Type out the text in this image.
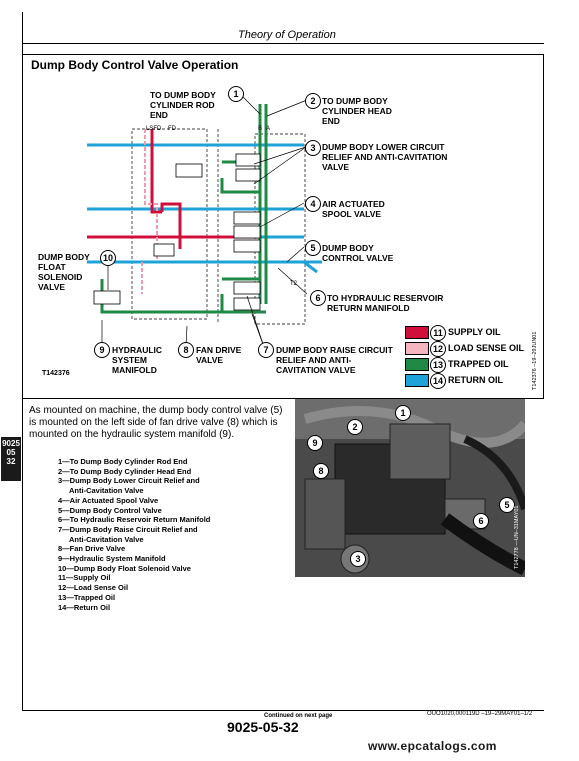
Theory of Operation
9025
05
32
Dump Body Control Valve Operation
LSFD FD	B A
T2
1
TO DUMP BODY CYLINDER ROD END
2 TO DUMP BODY CYLINDER HEAD END
3 DUMP BODY LOWER CIRCUIT RELIEF AND ANTI-CAVITATION VALVE
4 AIR ACTUATED SPOOL VALVE
5 DUMP BODY CONTROL VALVE
6 TO HYDRAULIC RESERVOIR RETURN MANIFOLD
7 DUMP BODY RAISE CIRCUIT RELIEF AND ANTI-CAVITATION VALVE
8 FAN DRIVE VALVE
9 HYDRAULIC SYSTEM MANIFOLD
10
DUMP BODY FLOAT SOLENOID VALVE
T142376	T142376 –19–29JUN01
11 SUPPLY OIL
12 LOAD SENSE OIL
13 TRAPPED OIL
14 RETURN OIL
As mounted on machine, the dump body control valve (5) is mounted on the left side of fan drive valve (8) which is mounted on the hydraulic system manifold (9).
1—To Dump Body Cylinder Rod End
2—To Dump Body Cylinder Head End
3—Dump Body Lower Circuit Relief and
Anti-Cavitation Valve
4—Air Actuated Spool Valve
5—Dump Body Control Valve
6—To Hydraulic Reservoir Return Manifold
7—Dump Body Raise Circuit Relief and
Anti-Cavitation Valve
8—Fan Drive Valve
9—Hydraulic System Manifold
10—Dump Body Float Solenoid Valve
11—Supply Oil
12—Load Sense Oil
13—Trapped Oil
14—Return Oil
1
2
9
8
5
6
3	T142778 —UN–31MAY01
Continued on next page	OUO1020,000119D –19–29MAY01–1/2
9025-05-32
www.epcatalogs.com
